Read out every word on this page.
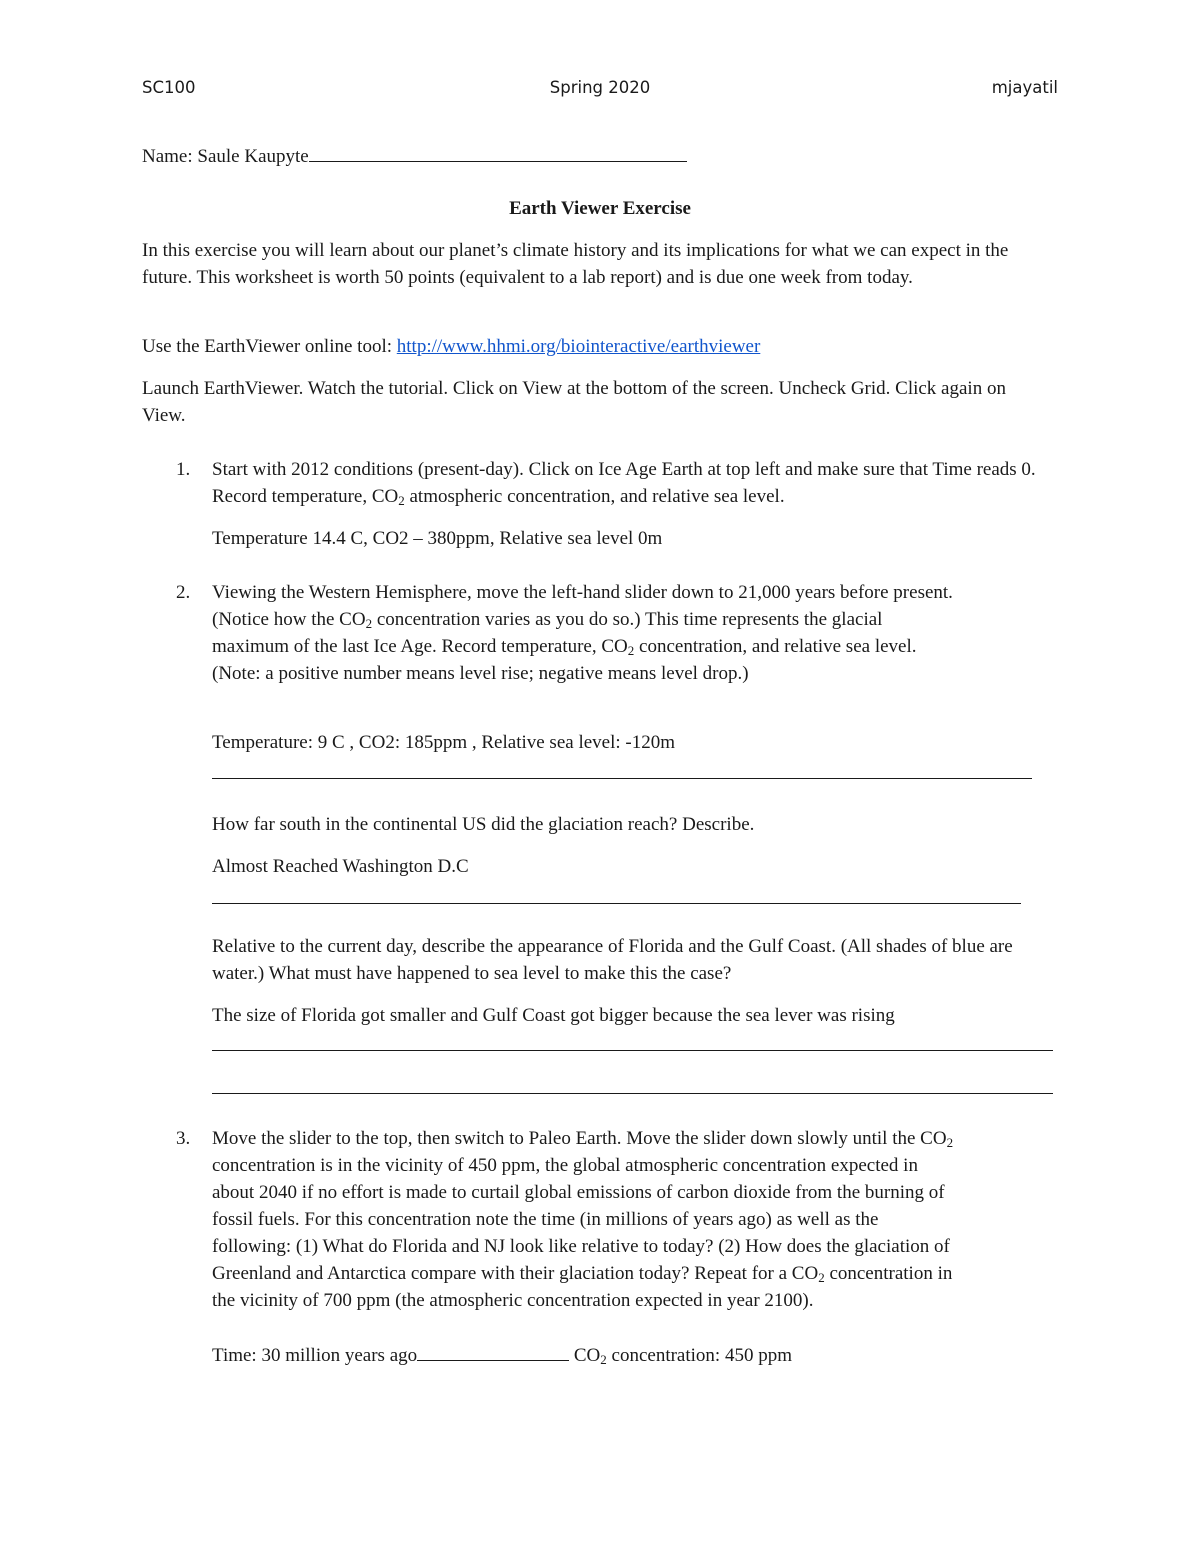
SC100	Spring 2020	mjayatil
Name: Saule Kaupyte
Earth Viewer Exercise

In this exercise you will learn about our planet’s climate history and its implications for what we can expect in the future. This worksheet is worth 50 points (equivalent to a lab report) and is due one week from today.

Use the EarthViewer online tool: http://www.hhmi.org/biointeractive/earthviewer

Launch EarthViewer. Watch the tutorial. Click on View at the bottom of the screen. Uncheck Grid. Click again on View.

1. Start with 2012 conditions (present-day). Click on Ice Age Earth at top left and make sure that Time reads 0. Record temperature, $CO_2$ atmospheric concentration, and relative sea level.

Temperature 14.4 C, CO2 – 380ppm, Relative sea level 0m

2. Viewing the Western Hemisphere, move the left-hand slider down to 21,000 years before present.
(Notice how the $CO_2$ concentration varies as you do so.) This time represents the glacial
maximum of the last Ice Age. Record temperature, $CO_2$ concentration, and relative sea level.
(Note: a positive number means level rise; negative means level drop.)

Temperature: 9 C , CO2: 185ppm , Relative sea level: -120m

How far south in the continental US did the glaciation reach? Describe.

Almost Reached Washington D.C

Relative to the current day, describe the appearance of Florida and the Gulf Coast. (All shades of blue are water.) What must have happened to sea level to make this the case?

The size of Florida got smaller and Gulf Coast got bigger because the sea lever was rising

3. Move the slider to the top, then switch to Paleo Earth. Move the slider down slowly until the $CO_2$
concentration is in the vicinity of 450 ppm, the global atmospheric concentration expected in
about 2040 if no effort is made to curtail global emissions of carbon dioxide from the burning of
fossil fuels. For this concentration note the time (in millions of years ago) as well as the
following: (1) What do Florida and NJ look like relative to today? (2) How does the glaciation of
Greenland and Antarctica compare with their glaciation today? Repeat for a $CO_2$ concentration in
the vicinity of 700 ppm (the atmospheric concentration expected in year 2100).
Time: 30 million years ago	$CO_2$ concentration: 450 ppm
